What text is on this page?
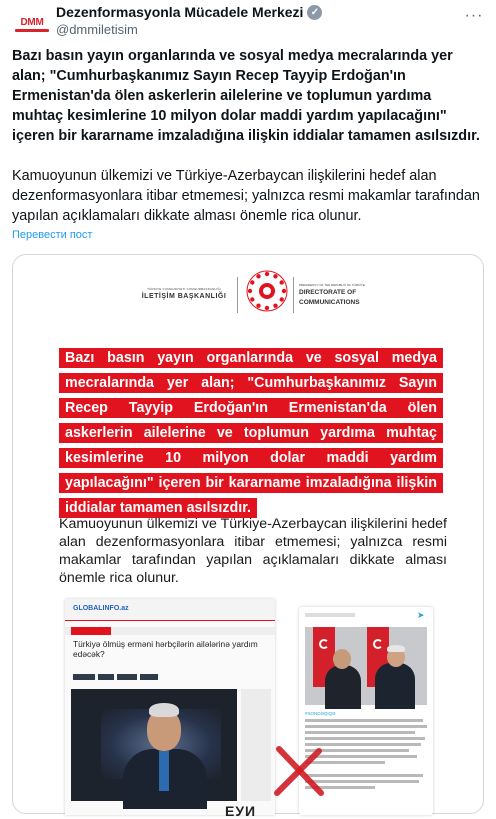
DMM
Dezenformasyonla Mücadele Merkezi ✓
@dmmiletisim
···

Bazı basın yayın organlarında ve sosyal medya mecralarında yer alan; "Cumhurbaşkanımız Sayın Recep Tayyip Erdoğan'ın Ermenistan'da ölen askerlerin ailelerine ve toplumun yardıma muhtaç kesimlerine 10 milyon dolar maddi yardım yapılacağını" içeren bir kararname imzaladığına ilişkin iddialar tamamen asılsızdır.

Kamuoyunun ülkemizi ve Türkiye-Azerbaycan ilişkilerini hedef alan dezenformasyonlara itibar etmemesi; yalnızca resmi makamlar tarafından yapılan açıklamaları dikkate alması önemle rica olunur.

Перевести пост
TÜRKİYE CUMHURİYETİ CUMHURBAŞKANLIĞI
İLETİŞİM BAŞKANLIĞI
PRESIDENCY OF THE REPUBLIC OF TÜRKİYE
DIRECTORATE OF
COMMUNICATIONS
Bazı basın yayın organlarında ve sosyal medya
mecralarında yer alan; "Cumhurbaşkanımız Sayın
Recep Tayyip Erdoğan'ın Ermenistan'da ölen
askerlerin ailelerine ve toplumun yardıma muhtaç
kesimlerine 10 milyon dolar maddi yardım
yapılacağını" içeren bir kararname imzaladığına ilişkin
iddialar tamamen asılsızdır.
Kamuoyunun ülkemizi ve Türkiye-Azerbaycan ilişkilerini hedef alan dezenformasyonlara itibar etmemesi; yalnızca resmi makamlar tarafından yapılan açıklamaları dikkate alması önemle rica olunur.
GLOBALINFO.az
Türkiyə ölmüş erməni hərbçilərin ailələrinə yardım edəcək?
➤
#SONDƏQİQƏ
ЕУИ
